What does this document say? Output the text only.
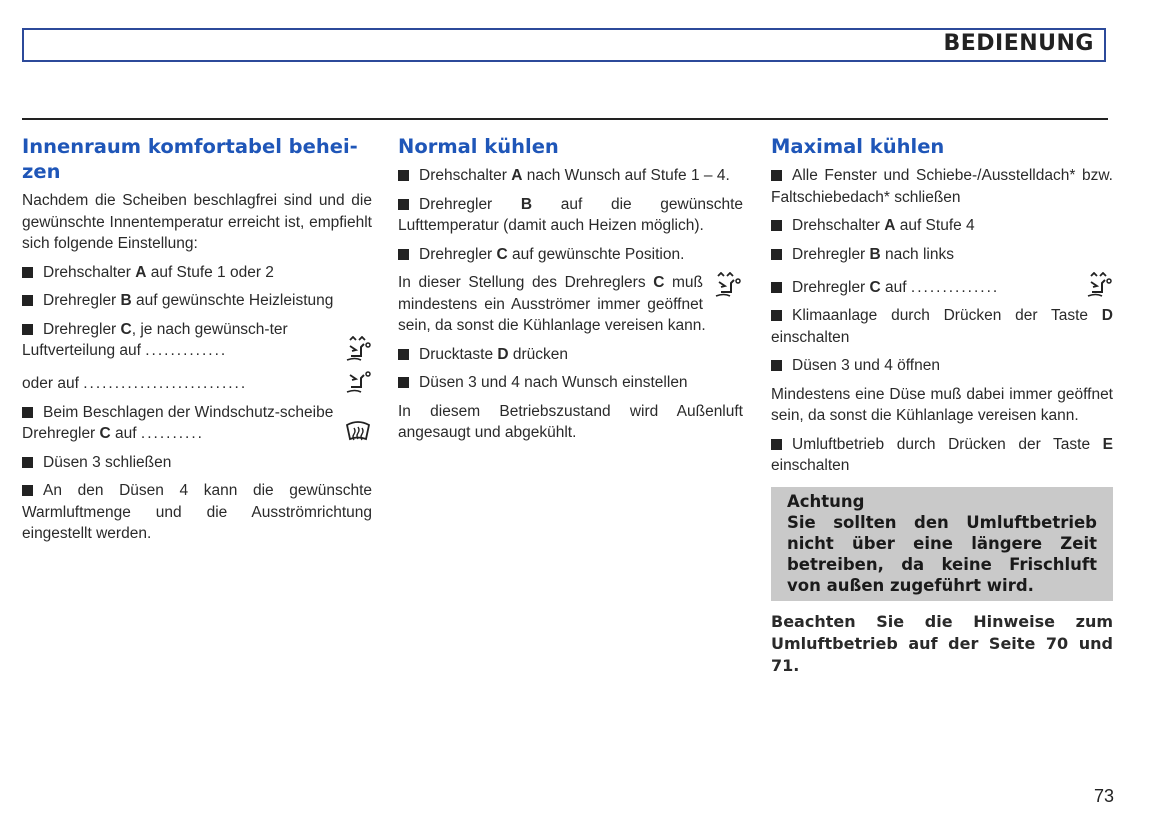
BEDIENUNG
Innenraum komfortabel behei-zen

Nachdem die Scheiben beschlagfrei sind und die gewünschte Innentemperatur erreicht ist, empfiehlt sich folgende Einstellung:

Drehschalter A auf Stufe 1 oder 2

Drehregler B auf gewünschte Heizleistung

Drehregler C, je nach gewünsch-ter Luftverteilung auf .............
oder auf ..........................
Beim Beschlagen der Windschutz-scheibe Drehregler C auf ..........

Düsen 3 schließen

An den Düsen 4 kann die gewünschte Warmluftmenge und die Ausströmrichtung eingestellt werden.

Normal kühlen

Drehschalter A nach Wunsch auf Stufe 1 – 4.

Drehregler B auf die gewünschte Lufttemperatur (damit auch Heizen möglich).

Drehregler C auf gewünschte Position.

In dieser Stellung des Drehreglers C muß mindestens ein Ausströmer immer geöffnet sein, da sonst die Kühlanlage vereisen kann.

Drucktaste D drücken

Düsen 3 und 4 nach Wunsch einstellen

In diesem Betriebszustand wird Außenluft angesaugt und abgekühlt.

Maximal kühlen

Alle Fenster und Schiebe-/Ausstelldach* bzw. Faltschiebedach* schließen

Drehschalter A auf Stufe 4

Drehregler B nach links

Drehregler C auf ..............

Klimaanlage durch Drücken der Taste D einschalten

Düsen 3 und 4 öffnen

Mindestens eine Düse muß dabei immer geöffnet sein, da sonst die Kühlanlage vereisen kann.

Umluftbetrieb durch Drücken der Taste E einschalten

Achtung

Sie sollten den Umluftbetrieb nicht über eine längere Zeit betreiben, da keine Frischluft von außen zugeführt wird.

Beachten Sie die Hinweise zum Umluftbetrieb auf der Seite 70 und 71.

73
